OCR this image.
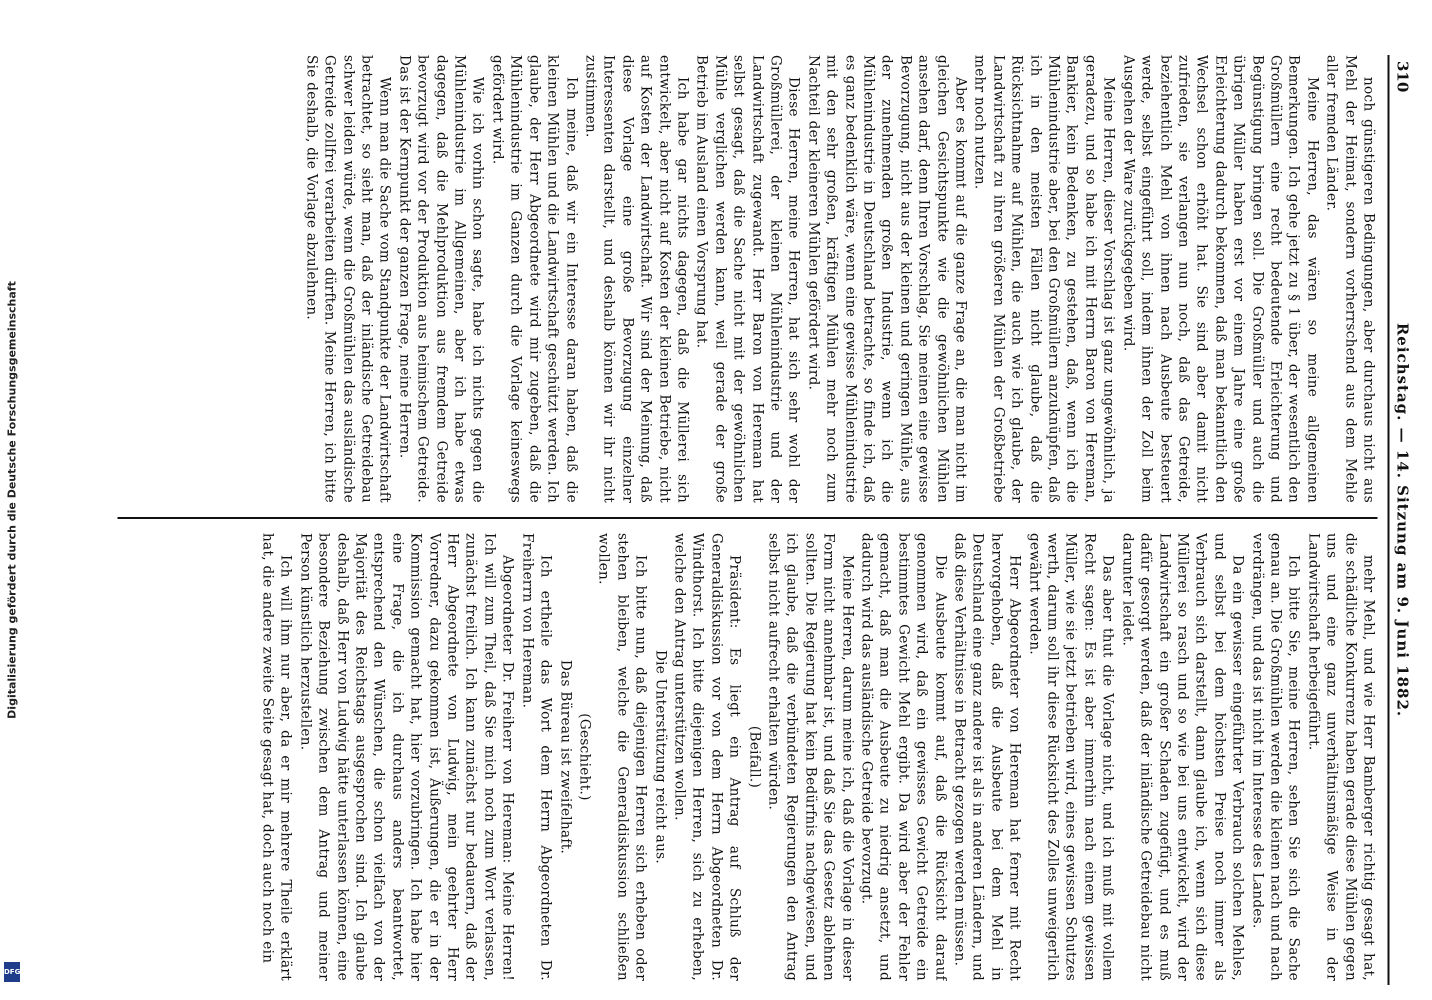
Digitalisierung gefördert durch die Deutsche Forschungsgemeinschaft
DFG
310
Reichstag. — 14. Sitzung am 9. Juni 1882.

noch günstigeren Bedingungen, aber durchaus nicht aus Mehl der Heimat, sondern vorherrschend aus dem Mehle aller fremden Länder.

Meine Herren, das wären so meine allgemeinen Bemerkungen. Ich gehe jetzt zu § 1 über, der wesentlich den Großmüllern eine recht bedeutende Erleichterung und Begünstigung bringen soll. Die Großmüller und auch die übrigen Müller haben erst vor einem Jahre eine große Erleichterung dadurch bekommen, daß man bekanntlich den Wechsel schon erhöht hat. Sie sind aber damit nicht zufrieden, sie verlangen nun noch, daß das Getreide, beziehentlich Mehl von ihnen nach Ausbeute besteuert werde, selbst eingeführt soll, indem ihnen der Zoll beim Ausgehen der Ware zurückgegeben wird.

Meine Herren, dieser Vorschlag ist ganz ungewöhnlich, ja geradezu, und so habe ich mit Herrn Baron von Hereman, Bankier, kein Bedenken, zu gestehen, daß, wenn ich die Mühlenindustrie aber, bei den Großmüllern anzuknüpfen, daß ich in den meisten Fällen nicht glaube, daß die Rücksichtnahme auf Mühlen, die auch wie ich glaube, der Landwirtschaft zu ihren größeren Mühlen der Großbetriebe mehr noch nutzen.

Aber es kommt auf die ganze Frage an, die man nicht im gleichen Gesichtspunkte wie die gewöhnlichen Mühlen ansehen darf, denn Ihren Vorschlag, Sie meinen eine gewisse Bevorzugung, nicht aus der kleinen und geringen Mühle, aus der zunehmenden großen Industrie, wenn ich die Mühlenindustrie in Deutschland betrachte, so finde ich, daß es ganz bedenklich wäre, wenn eine gewisse Mühlenindustrie mit den sehr großen, kräftigen Mühlen mehr noch zum Nachteil der kleineren Mühlen gefördert wird.

Diese Herren, meine Herren, hat sich sehr wohl der Großmüllerei, der kleinen Mühlenindustrie und der Landwirtschaft zugewandt. Herr Baron von Hereman hat selbst gesagt, daß die Sache nicht mit der gewöhnlichen Mühle verglichen werden kann, weil gerade der große Betrieb im Ausland einen Vorsprung hat.

Ich habe gar nichts dagegen, daß die Müllerei sich entwickelt, aber nicht auf Kosten der kleinen Betriebe, nicht auf Kosten der Landwirtschaft. Wir sind der Meinung, daß diese Vorlage eine große Bevorzugung einzelner Interessenten darstellt, und deshalb können wir ihr nicht zustimmen.

Ich meine, daß wir ein Interesse daran haben, daß die kleinen Mühlen und die Landwirtschaft geschützt werden. Ich glaube, der Herr Abgeordnete wird mir zugeben, daß die Mühlenindustrie im Ganzen durch die Vorlage keineswegs gefördert wird.

Wie ich vorhin schon sagte, habe ich nichts gegen die Mühlenindustrie im Allgemeinen, aber ich habe etwas dagegen, daß die Mehlproduktion aus fremdem Getreide bevorzugt wird vor der Produktion aus heimischem Getreide. Das ist der Kernpunkt der ganzen Frage, meine Herren.

Wenn man die Sache vom Standpunkte der Landwirtschaft betrachtet, so sieht man, daß der inländische Getreidebau schwer leiden würde, wenn die Großmühlen das ausländische Getreide zollfrei verarbeiten dürften. Meine Herren, ich bitte Sie deshalb, die Vorlage abzulehnen.

mehr Mehl, und wie Herr Bamberger richtig gesagt hat, die schädliche Konkurrenz haben gerade diese Mühlen gegen uns und eine ganz unverhältnismäßige Weise in der Landwirtschaft herbeigeführt.

Ich bitte Sie, meine Herren, sehen Sie sich die Sache genau an. Die Großmühlen werden die kleinen nach und nach verdrängen, und das ist nicht im Interesse des Landes.

Da ein gewisser eingeführter Verbrauch solchen Mehles, und selbst bei dem höchsten Preise noch immer als Verbrauch sich darstellt, dann glaube ich, wenn sich diese Müllerei so rasch und so wie bei uns entwickelt, wird der Landwirtschaft ein großer Schaden zugefügt, und es muß dafür gesorgt werden, daß der inländische Getreidebau nicht darunter leidet.

Das aber thut die Vorlage nicht, und ich muß mit vollem Recht sagen: Es ist aber immerhin nach einem gewissen Müller, wie sie jetzt betrieben wird, eines gewissen Schutzes werth, darum soll ihr diese Rücksicht des Zolles unweigerlich gewährt werden.

Herr Abgeordneter von Hereman hat ferner mit Recht hervorgehoben, daß die Ausbeute bei dem Mehl in Deutschland eine ganz andere ist als in anderen Ländern, und daß diese Verhältnisse in Betracht gezogen werden müssen.

Die Ausbeute kommt auf, daß die Rücksicht darauf genommen wird, daß ein gewisses Gewicht Getreide ein bestimmtes Gewicht Mehl ergibt. Da wird aber der Fehler gemacht, daß man die Ausbeute zu niedrig ansetzt, und dadurch wird das ausländische Getreide bevorzugt.

Meine Herren, darum meine ich, daß die Vorlage in dieser Form nicht annehmbar ist, und daß Sie das Gesetz ablehnen sollten. Die Regierung hat kein Bedürfnis nachgewiesen, und ich glaube, daß die verbündeten Regierungen den Antrag selbst nicht aufrecht erhalten würden.

(Beifall.)

Präsident: Es liegt ein Antrag auf Schluß der Generaldiskussion vor von dem Herrn Abgeordneten Dr. Windthorst. Ich bitte diejenigen Herren, sich zu erheben, welche den Antrag unterstützen wollen.

Die Unterstützung reicht aus.

Ich bitte nun, daß diejenigen Herren sich erheben oder stehen bleiben, welche die Generaldiskussion schließen wollen.

(Geschieht.)

Das Büreau ist zweifelhaft.

Ich ertheile das Wort dem Herrn Abgeordneten Dr. Freiherrn von Hereman.

Abgeordneter Dr. Freiherr von Hereman: Meine Herren! Ich will zum Theil, daß Sie mich noch zum Wort verlassen, zunächst freilich. Ich kann zunächst nur bedauern, daß der Herr Abgeordnete von Ludwig, mein geehrter Herr Vorredner, dazu gekommen ist, Äußerungen, die er in der Kommission gemacht hat, hier vorzubringen. Ich habe hier eine Frage, die ich durchaus anders beantwortet, entsprechend den Wünschen, die schon vielfach von der Majorität des Reichstags ausgesprochen sind. Ich glaube deshalb, daß Herr von Ludwig hätte unterlassen können, eine besondere Beziehung zwischen dem Antrag und meiner Person künstlich herzustellen.

Ich will ihm nur aber, da er mir mehrere Theile erklärt hat, die andere zweite Seite gesagt hat, doch auch noch ein
